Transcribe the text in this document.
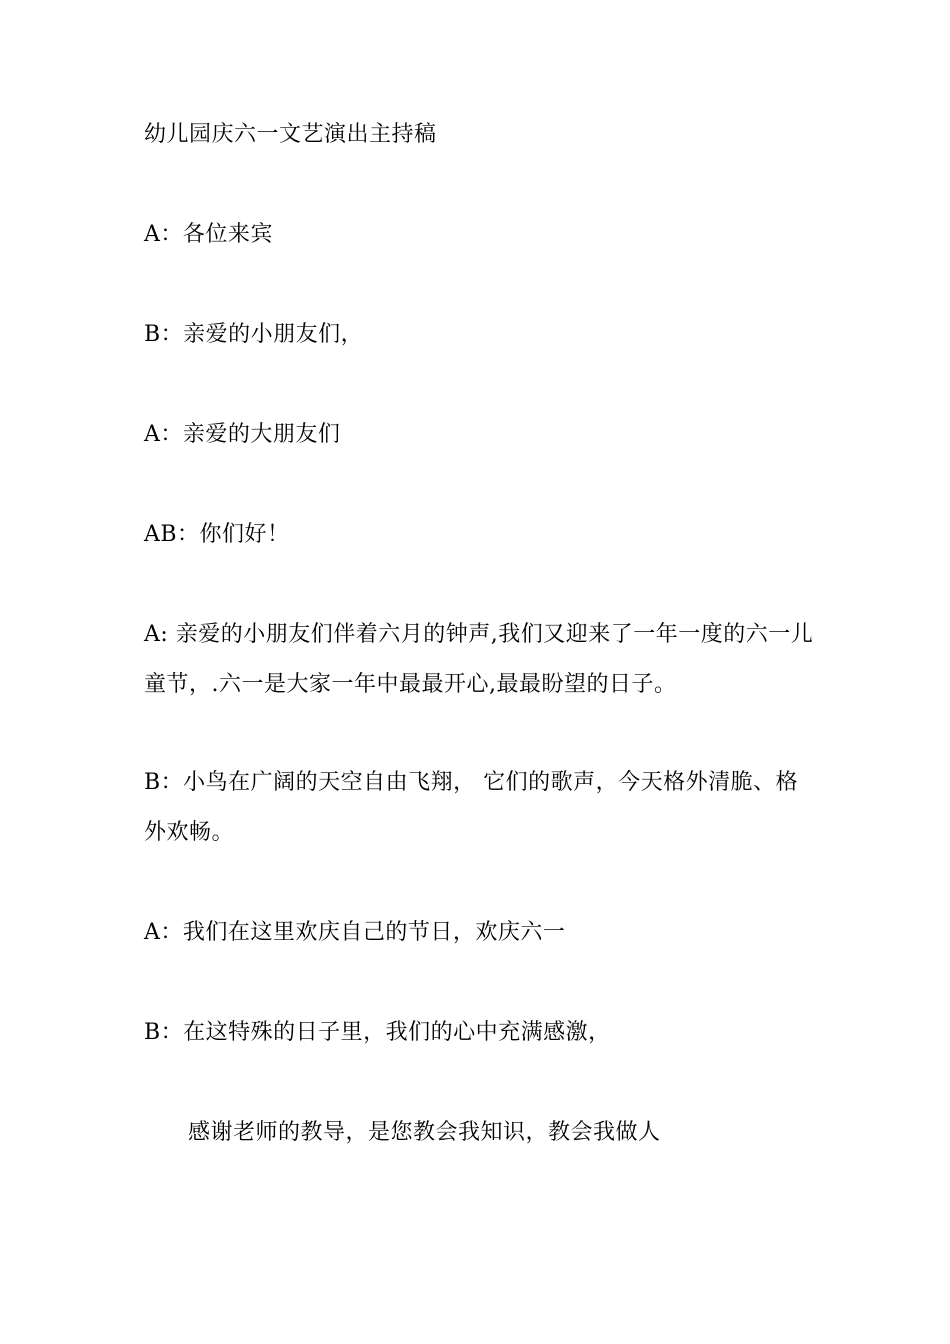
幼儿园庆六一文艺演出主持稿
A：各位来宾
B：亲爱的小朋友们，
A：亲爱的大朋友们
AB：你们好！
A: 亲爱的小朋友们伴着六月的钟声,我们又迎来了一年一度的六一儿
童节，.六一是大家一年中最最开心,最最盼望的日子。
B：小鸟在广阔的天空自由飞翔， 它们的歌声，今天格外清脆、格
外欢畅。
A：我们在这里欢庆自己的节日，欢庆六一
B：在这特殊的日子里，我们的心中充满感激，
感谢老师的教导，是您教会我知识，教会我做人
